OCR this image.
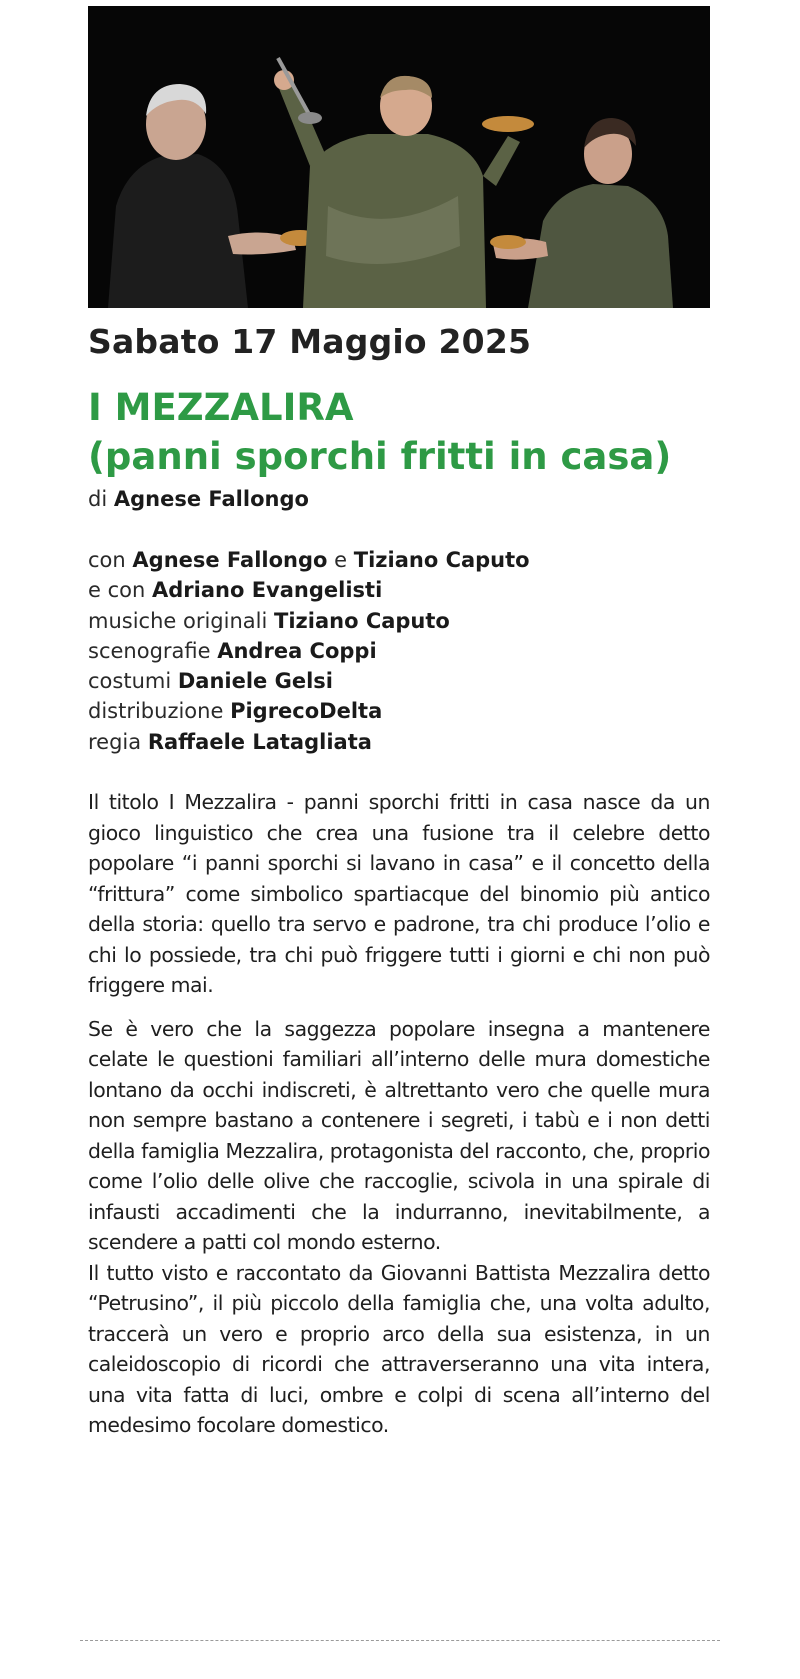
Sabato 17 Maggio 2025
I MEZZALIRA
(panni sporchi fritti in casa)

di Agnese Fallongo

con Agnese Fallongo e Tiziano Caputo
e con Adriano Evangelisti
musiche originali Tiziano Caputo
scenografie Andrea Coppi
costumi Daniele Gelsi
distribuzione PigrecoDelta
regia Raffaele Latagliata

Il titolo I Mezzalira - panni sporchi fritti in casa nasce da un gioco linguistico che crea una fusione tra il celebre detto popolare “i panni sporchi si lavano in casa” e il concetto della “frittura” come simbolico spartiacque del binomio più antico della storia: quello tra servo e padrone, tra chi produce l’olio e chi lo possiede, tra chi può friggere tutti i giorni e chi non può friggere mai.

Se è vero che la saggezza popolare insegna a mantenere celate le questioni familiari all’interno delle mura domestiche lontano da occhi indiscreti, è altrettanto vero che quelle mura non sempre bastano a contenere i segreti, i tabù e i non detti della famiglia Mezzalira, protagonista del racconto, che, proprio come l’olio delle olive che raccoglie, scivola in una spirale di infausti accadimenti che la indurranno, inevitabilmente, a scendere a patti col mondo esterno.

Il tutto visto e raccontato da Giovanni Battista Mezzalira detto “Petrusino”, il più piccolo della famiglia che, una volta adulto, traccerà un vero e proprio arco della sua esistenza, in un caleidoscopio di ricordi che attraverseranno una vita intera, una vita fatta di luci, ombre e colpi di scena all’interno del medesimo focolare domestico.
